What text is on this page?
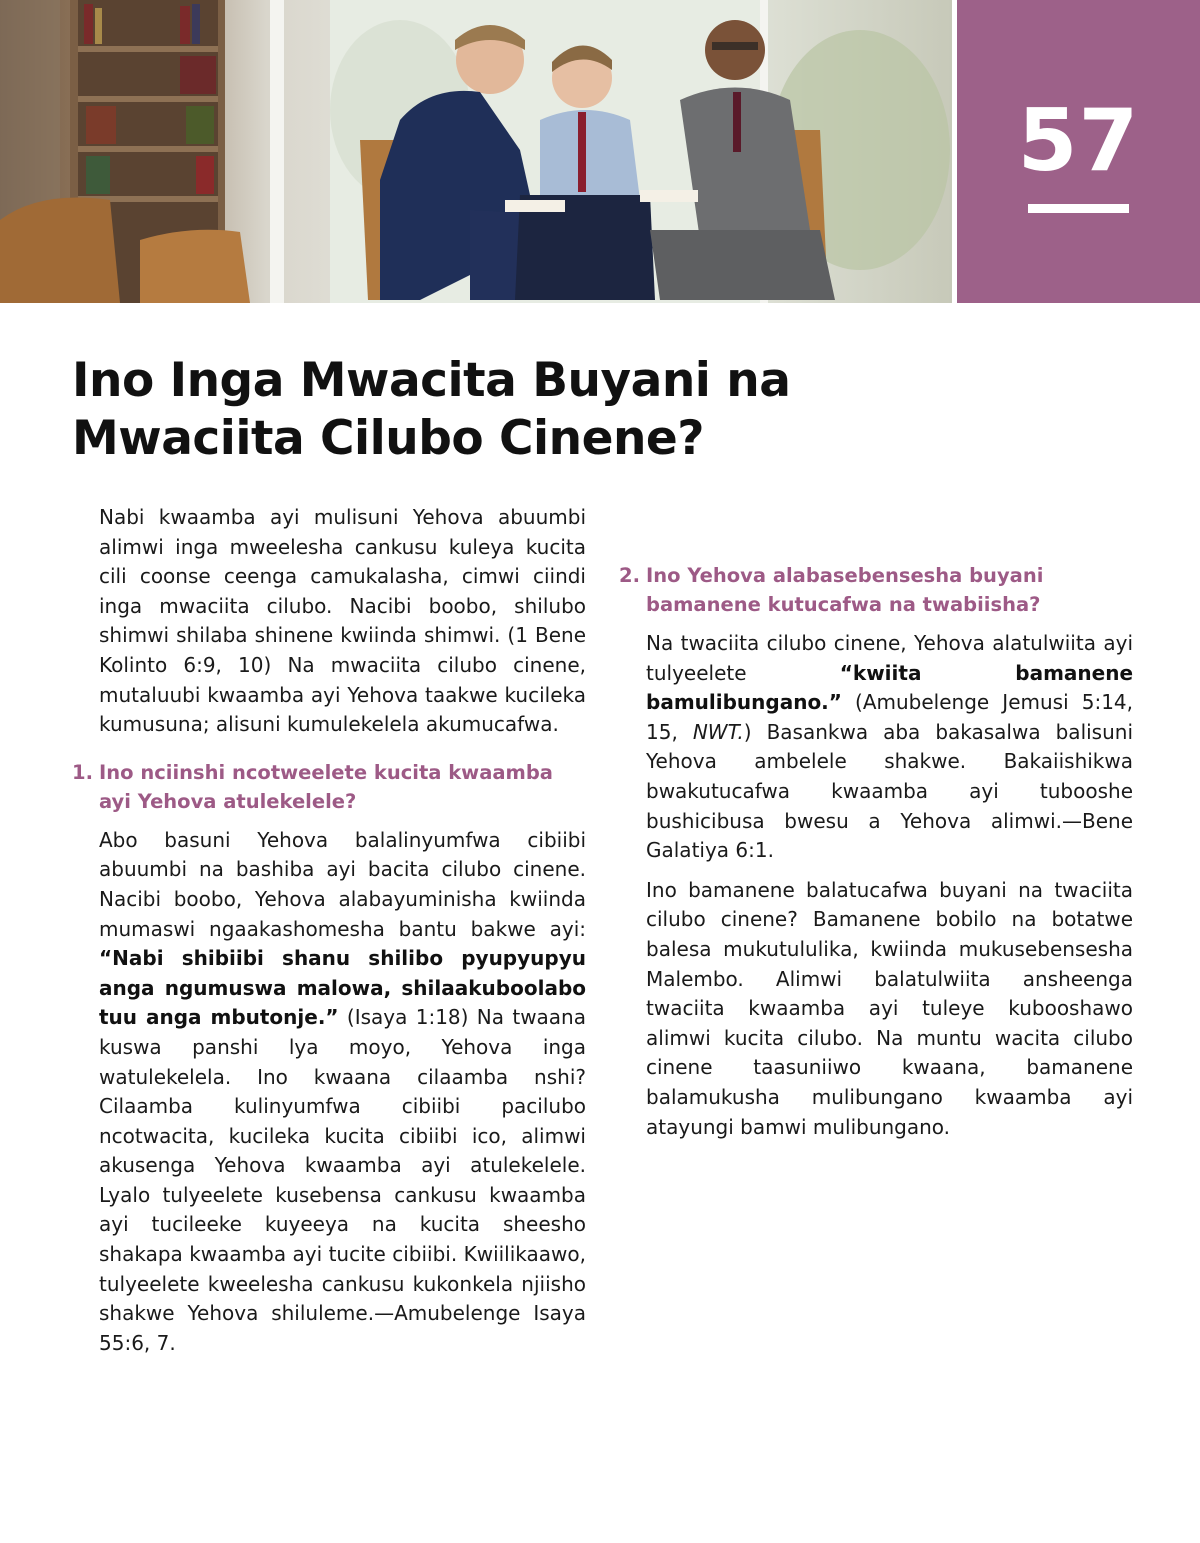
57
Ino Inga Mwacita Buyani na
Mwaciita Cilubo Cinene?

Nabi kwaamba ayi mulisuni Yehova abuumbi alimwi inga mweelesha cankusu kuleya kucita cili coonse ceenga camukalasha, cimwi ciindi inga mwaciita cilubo. Nacibi boobo, shilubo shimwi shilaba shinene kwiinda shimwi. (1 Bene Kolinto 6:9, 10) Na mwaciita cilubo cinene, mutaluubi kwaamba ayi Yehova taakwe kucileka kumusuna; alisuni kumulekelela akumucafwa.

1. Ino nciinshi ncotweelete kucita kwaamba ayi Yehova atulekelele?

Abo basuni Yehova balalinyumfwa cibiibi abuumbi na bashiba ayi bacita cilubo cinene. Nacibi boobo, Yehova alabayuminisha kwiinda mumaswi ngaakashomesha bantu bakwe ayi: “Nabi shibiibi shanu shilibo pyupyupyu anga ngumuswa malowa, shilaakuboolabo tuu anga mbutonje.” (Isaya 1:18) Na twaana kuswa panshi lya moyo, Yehova inga watulekelela. Ino kwaana cilaamba nshi? Cilaamba kulinyumfwa cibiibi pacilubo ncotwacita, kucileka kucita cibiibi ico, alimwi akusenga Yehova kwaamba ayi atulekelele. Lyalo tulyeelete kusebensa cankusu kwaamba ayi tucileeke kuyeeya na kucita sheesho shakapa kwaamba ayi tucite cibiibi. Kwiilikaawo, tulyeelete kweelesha cankusu kukonkela njiisho shakwe Yehova shiluleme.—Amubelenge Isaya 55:6, 7.

2. Ino Yehova alabasebensesha buyani bamanene kutucafwa na twabiisha?

Na twaciita cilubo cinene, Yehova alatulwiita ayi tulyeelete “kwiita bamanene bamulibungano.” (Amubelenge Jemusi 5:14, 15, NWT.) Basankwa aba bakasalwa balisuni Yehova ambelele shakwe. Bakaiishikwa bwakutucafwa kwaamba ayi tubooshe bushicibusa bwesu a Yehova alimwi.—Bene Galatiya 6:1.

Ino bamanene balatucafwa buyani na twaciita cilubo cinene? Bamanene bobilo na botatwe balesa mukutululika, kwiinda mukusebensesha Malembo. Alimwi balatulwiita ansheenga twaciita kwaamba ayi tuleye kubooshawo alimwi kucita cilubo. Na muntu wacita cilubo cinene taasuniiwo kwaana, bamanene balamukusha mulibungano kwaamba ayi atayungi bamwi mulibungano.
